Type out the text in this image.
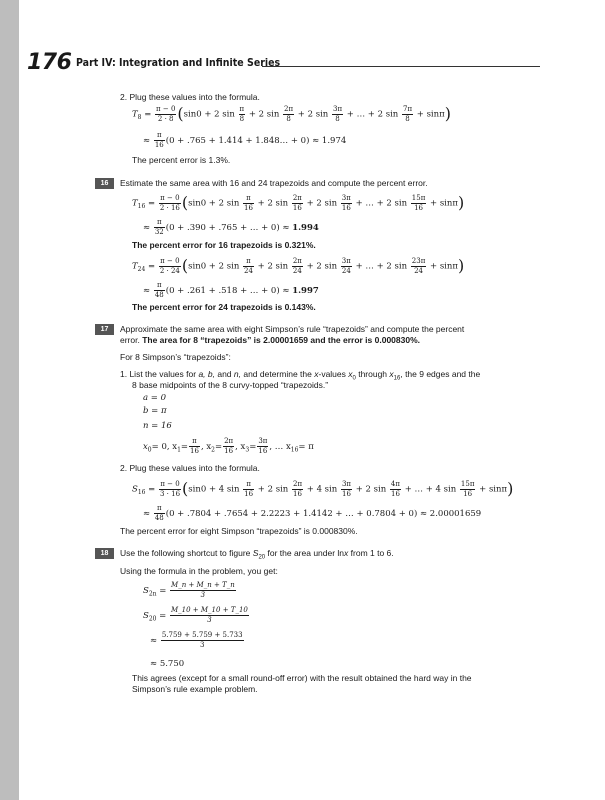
176 Part IV: Integration and Infinite Series
2. Plug these values into the formula.
$T_8 = \frac{\pi - 0}{2 \cdot 8} (\sin 0 + 2$ $\sin \frac{\pi}{8} + 2$ $\sin \frac{2\pi}{8} + 2$ $\sin \frac{3\pi}{8}$ + … + 2 $\sin \frac{7\pi}{8} + \sin\pi$)
≈ $\frac{\pi}{16} (0 + .765 + 1.414$ + 1.848… + 0) ≈ 1.974
The percent error is 1.3%.
16	Estimate the same area with 16 and 24 trapezoids and compute the percent error.
$T_{16} = \frac{\pi - 0}{2 \cdot 16} (\sin 0 + 2$ $\sin \frac{\pi}{16} + 2$ $\sin \frac{2\pi}{16} + 2$ $\sin \frac{3\pi}{16}$ + … + 2 $\sin \frac{15\pi}{16} + \sin\pi$)
≈ $\frac{\pi}{32} (0 + .390 + .765$ + … + 0) ≈ 1.994
The percent error for 16 trapezoids is 0.321%.
$T_{24} = \frac{\pi - 0}{2 \cdot 24} (\sin 0 + 2$ $\sin \frac{\pi}{24} + 2$ $\sin \frac{2\pi}{24} + 2$ $\sin \frac{3\pi}{24}$ + … + 2 $\sin \frac{23\pi}{24} + \sin\pi$)
≈ $\frac{\pi}{48} (0 + .261 + .518$ + … + 0) ≈ 1.997
The percent error for 24 trapezoids is 0.143%.
17	Approximate the same area with eight Simpson’s rule “trapezoids” and compute the percent
error. The area for 8 “trapezoids” is 2.00001659 and the error is 0.000830%.
For 8 Simpson’s “trapezoids”:
1. List the values for a, b, and n, and determine the x-values $x_0$ through $x_{16}$, the 9 edges and the
8 base midpoints of the 8 curvy-topped “trapezoids.”
a = 0
b = π
n = 16
$x_0= 0$, $x_1= \frac{\pi}{16}$ , $x_2= \frac{2\pi}{16}$ , $x_3= \frac{3\pi}{16}$ , … $x_{16}= \pi$
2. Plug these values into the formula.
$S_{16} = \frac{\pi - 0}{3 \cdot 16} (\sin 0 + 4$ $\sin \frac{\pi}{16} + 2$ $\sin \frac{2\pi}{16} + 4$ $\sin \frac{3\pi}{16} + 2$ $\sin \frac{4\pi}{16}$ + … + 4 $\sin \frac{15\pi}{16} + \sin\pi$)
≈ $\frac{\pi}{48} (0 + .7804 + .7654 + 2.2223 + 1.4142$ + … + 0.7804 + 0) ≈ 2.00001659
The percent error for eight Simpson “trapezoids” is 0.000830%.
18	Use the following shortcut to figure $S_{20}$ for the area under lnx from 1 to 6.
Using the formula in the problem, you get:
$S_{2n} = \frac{M\_n + M\_n + T\_n}{3}$
$S_{20} = \frac{M\_10 + M\_10 + T\_10}{3}$
≈ $\frac{5.759 + 5.759 + 5.733}{3}$
≈ 5.750
This agrees (except for a small round-off error) with the result obtained the hard way in the
Simpson’s rule example problem.
